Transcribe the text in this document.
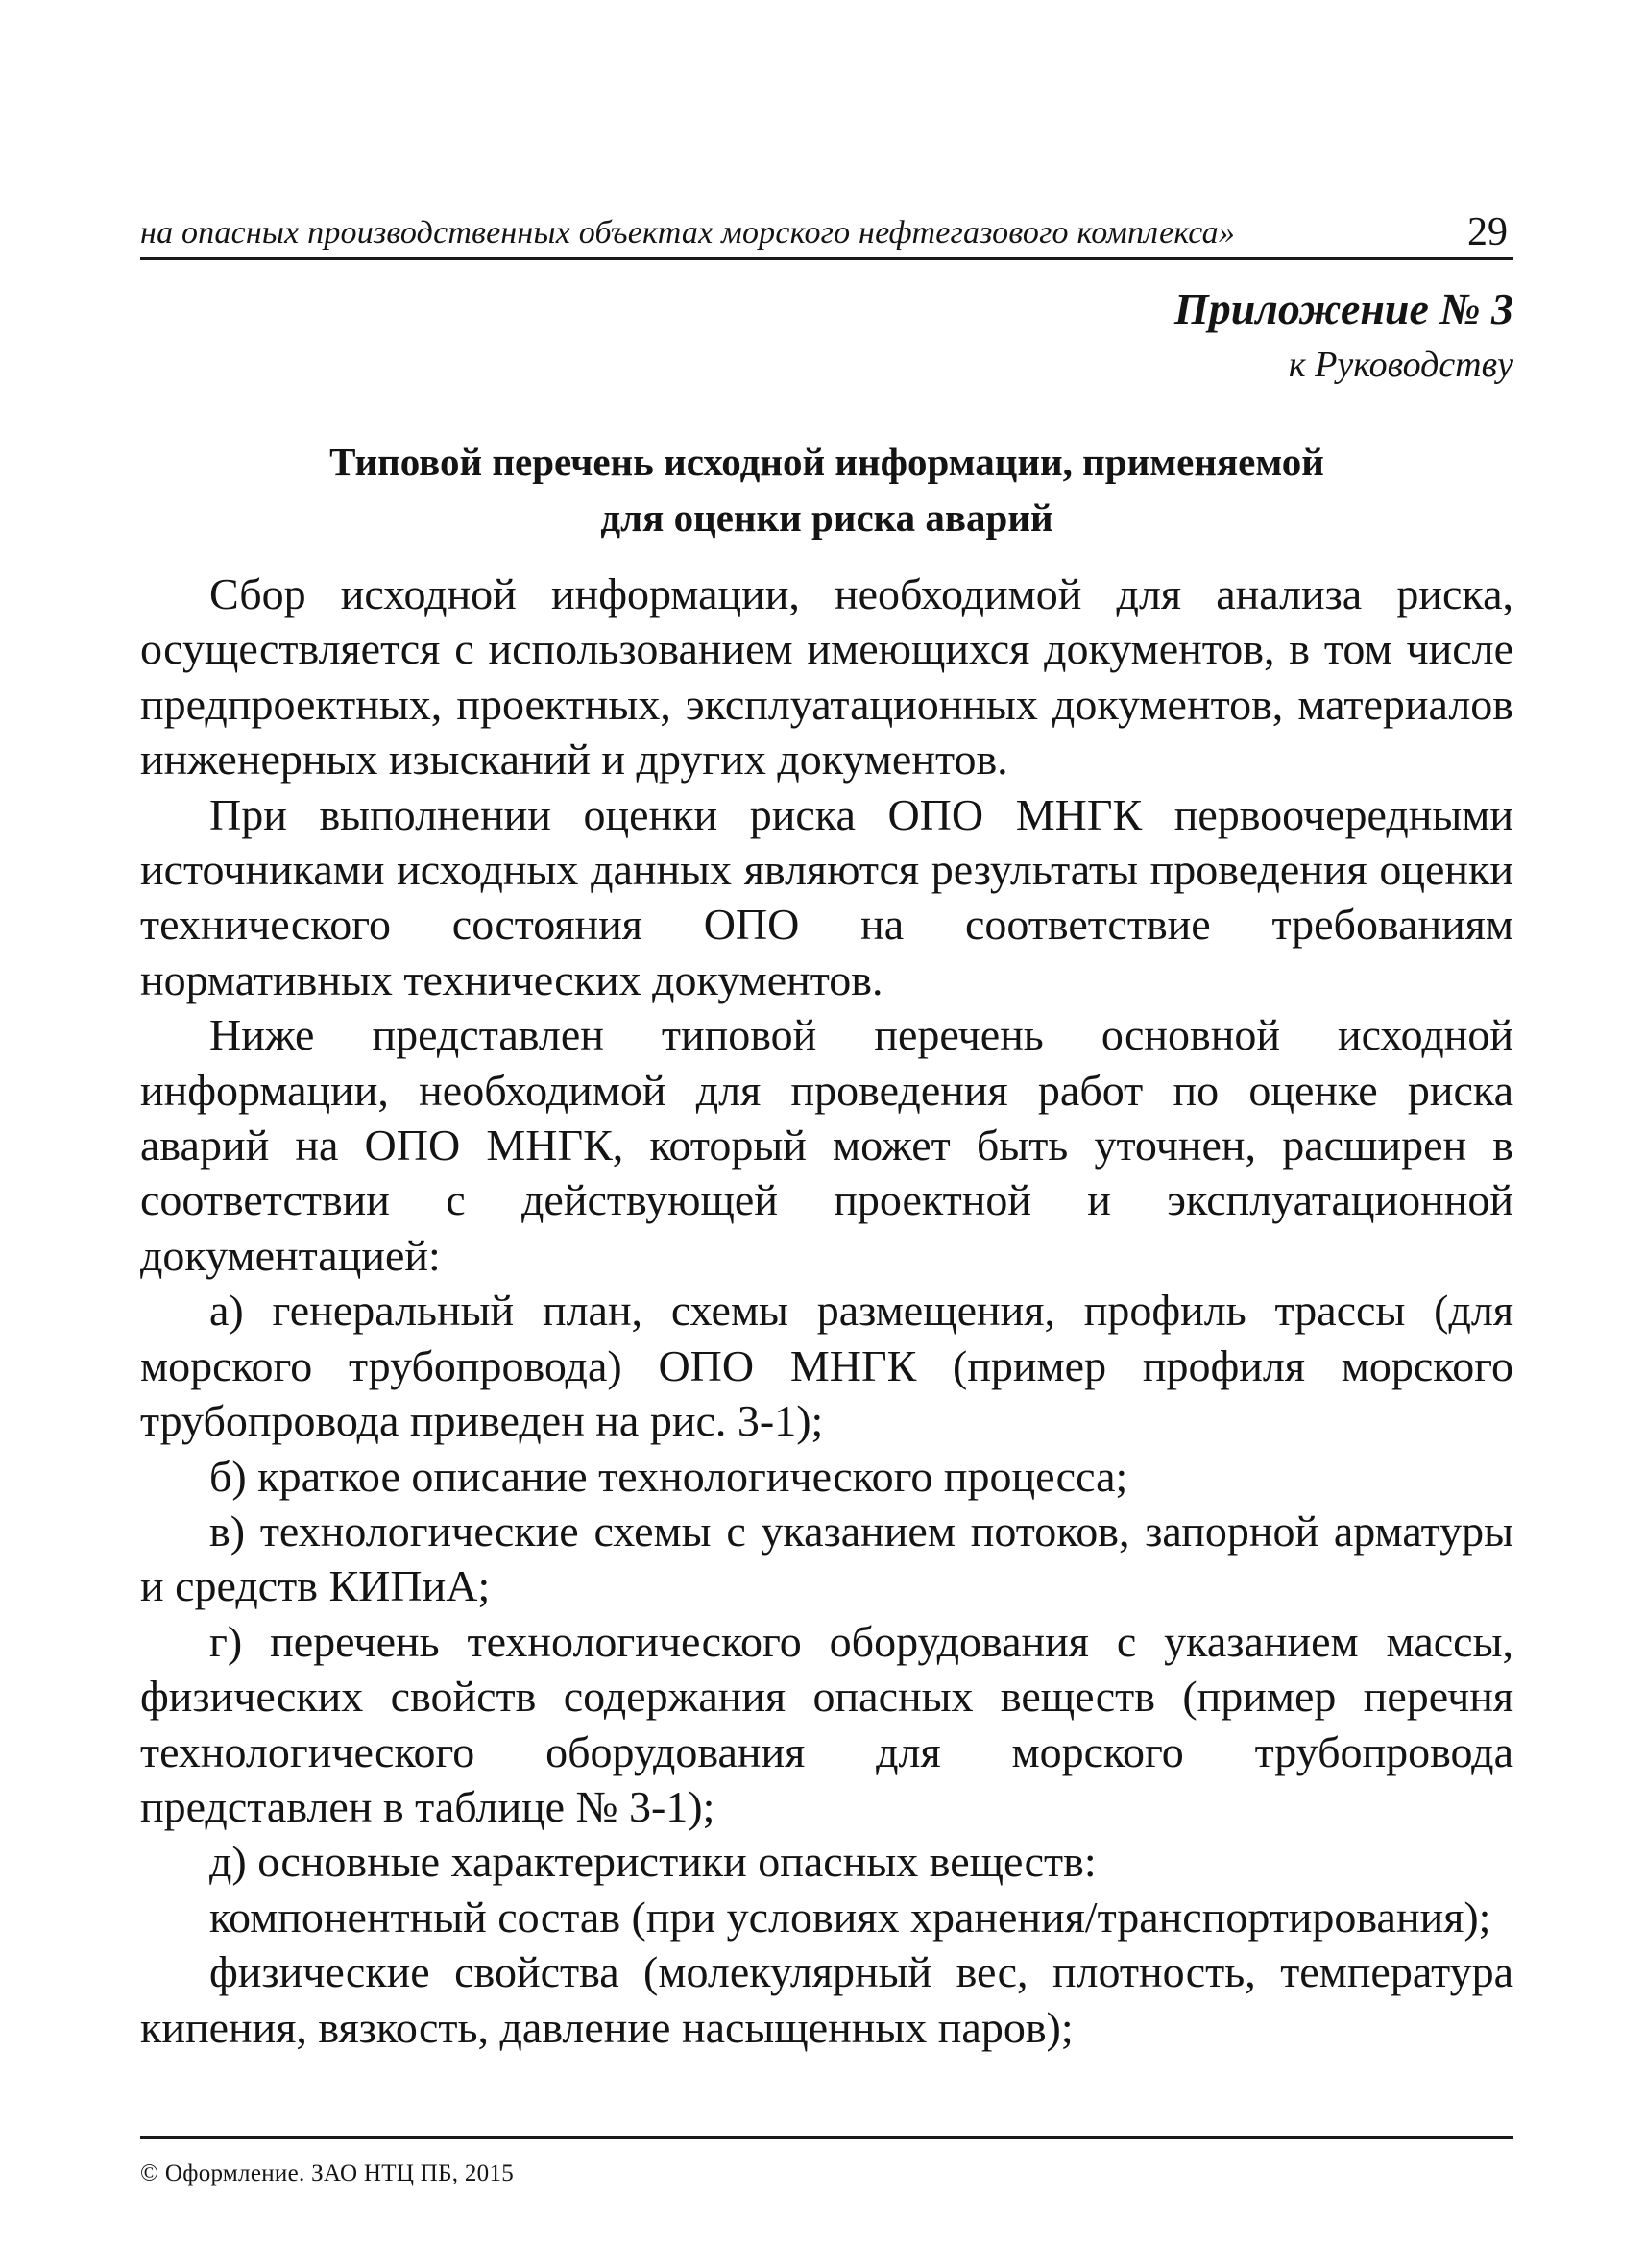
на опасных производственных объектах морского нефтегазового комплекса»	29
Приложение № 3
к Руководству
Типовой перечень исходной информации, применяемой
для оценки риска аварий

Сбор исходной информации, необходимой для анализа риска, осуществляется с использованием имеющихся документов, в том числе предпроектных, проектных, эксплуатационных документов, материалов инженерных изысканий и других документов.

При выполнении оценки риска ОПО МНГК первоочередными источниками исходных данных являются результаты проведения оценки технического состояния ОПО на соответствие требованиям нормативных технических документов.

Ниже представлен типовой перечень основной исходной информации, необходимой для проведения работ по оценке риска аварий на ОПО МНГК, который может быть уточнен, расширен в соответствии с действующей проектной и эксплуатационной документацией:

а) генеральный план, схемы размещения, профиль трассы (для морского трубопровода) ОПО МНГК (пример профиля морского трубопровода приведен на рис. 3-1);

б) краткое описание технологического процесса;

в) технологические схемы с указанием потоков, запорной арматуры и средств КИПиА;

г) перечень технологического оборудования с указанием массы, физических свойств содержания опасных веществ (пример перечня технологического оборудования для морского трубопровода представлен в таблице № 3-1);

д) основные характеристики опасных веществ:

компонентный состав (при условиях хранения/транспортирования);

физические свойства (молекулярный вес, плотность, температура кипения, вязкость, давление насыщенных паров);

© Оформление. ЗАО НТЦ ПБ, 2015
